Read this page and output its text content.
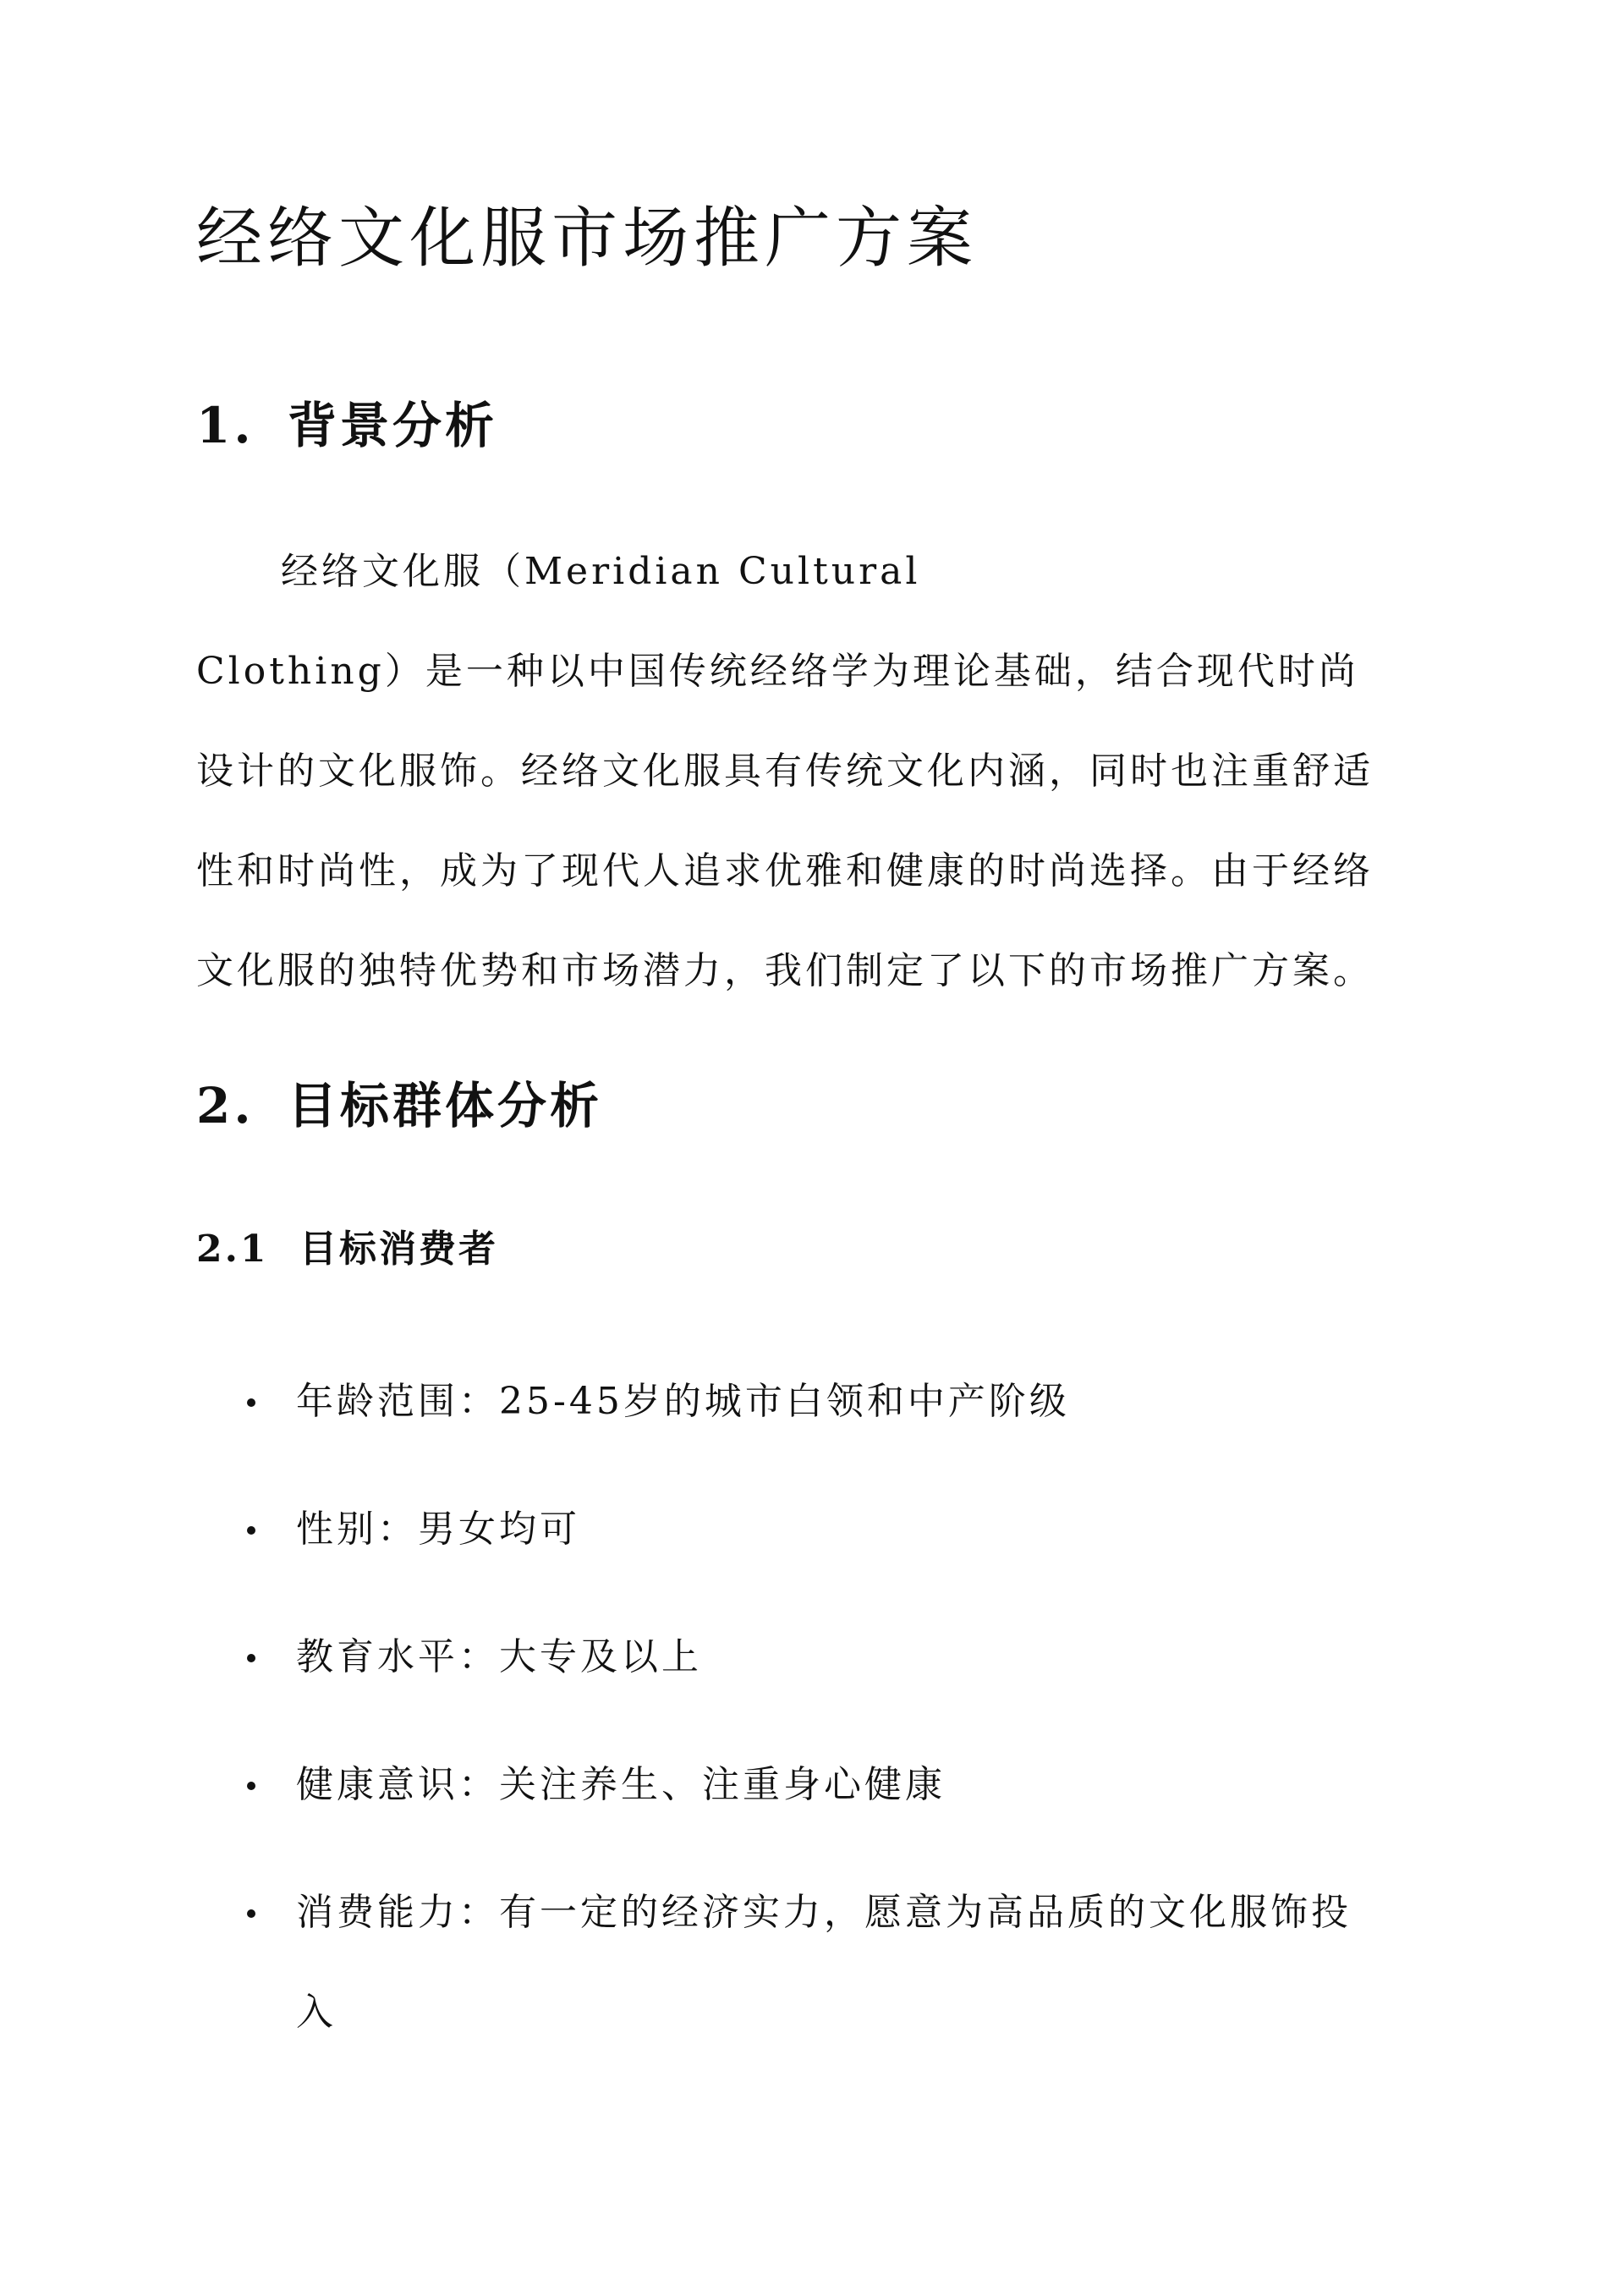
经络文化服市场推广方案
1. 背景分析
经络文化服（Meridian Cultural
Clothing）是一种以中国传统经络学为理论基础，结合现代时尚
设计的文化服饰。经络文化服具有传统文化内涵，同时也注重舒适
性和时尚性，成为了现代人追求优雅和健康的时尚选择。由于经络
文化服的独特优势和市场潜力，我们制定了以下的市场推广方案。
2. 目标群体分析
2.1 目标消费者
年龄范围：25-45岁的城市白领和中产阶级
性别：男女均可
教育水平：大专及以上
健康意识：关注养生、注重身心健康
消费能力：有一定的经济实力，愿意为高品质的文化服饰投
入
